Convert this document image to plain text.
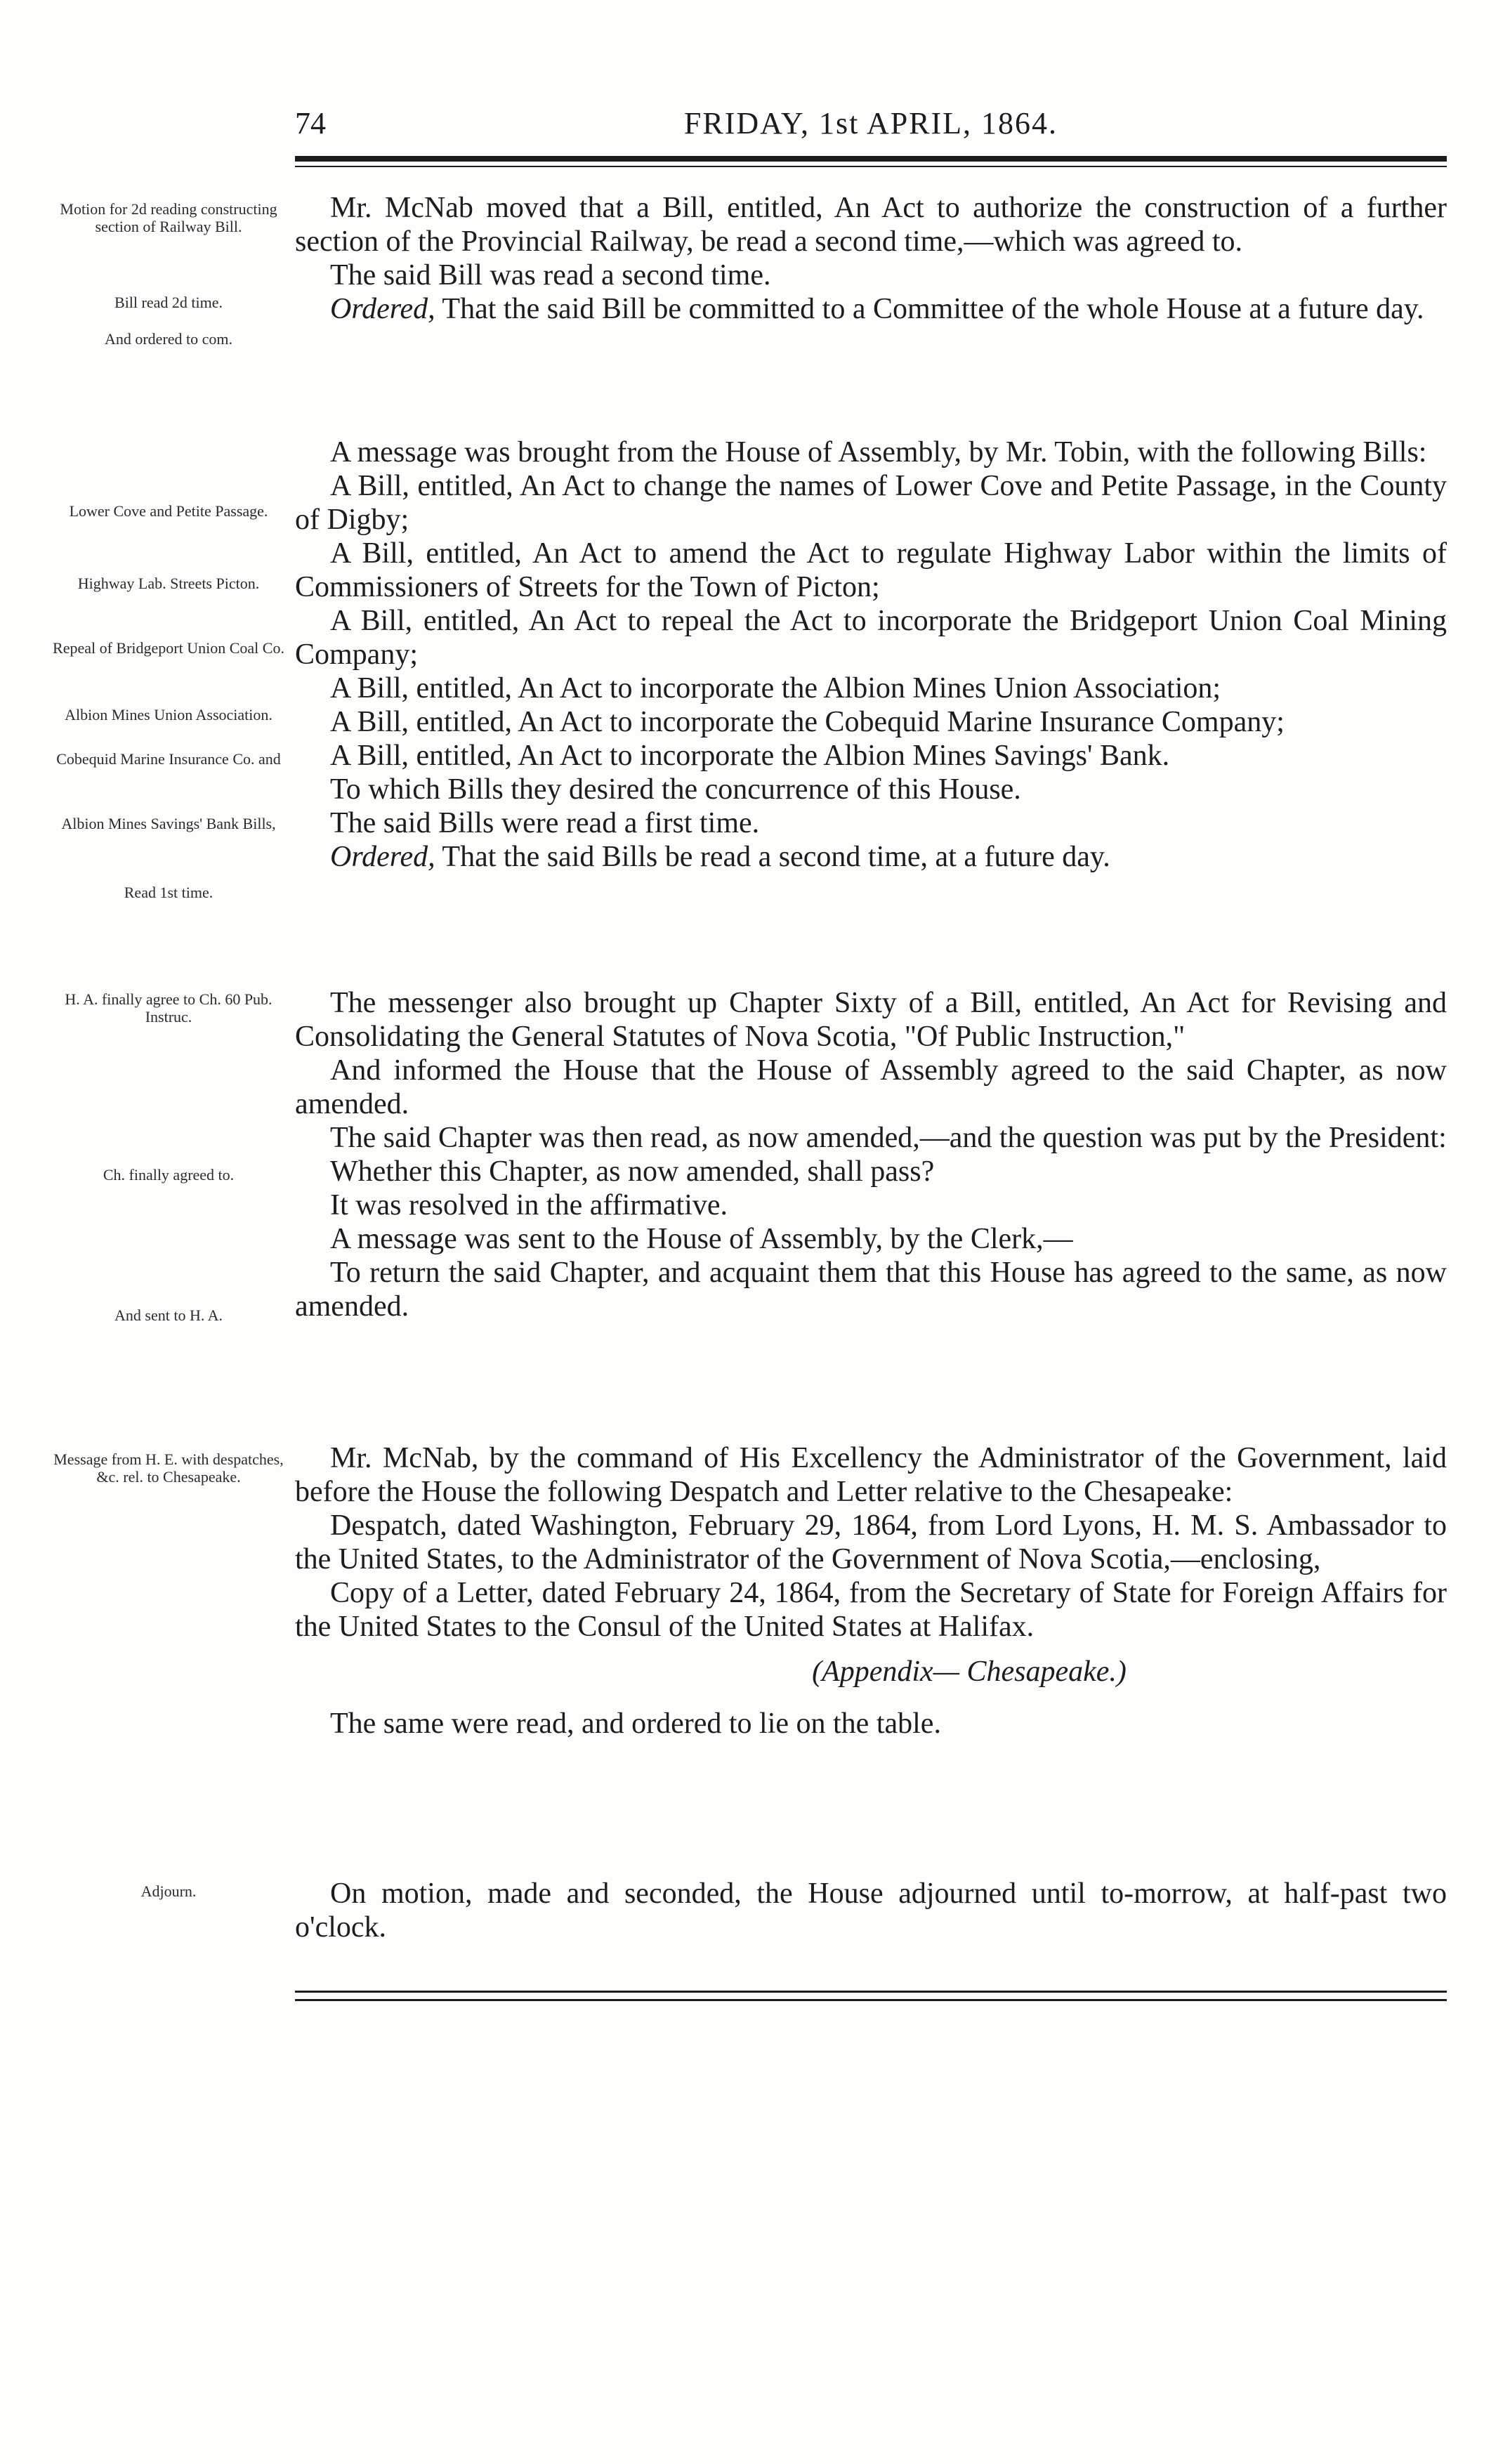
74	FRIDAY, 1st APRIL, 1864.
Motion for 2d reading constructing section of Railway Bill.
Bill read 2d time.
And ordered to com.
Lower Cove and Petite Passage.
Highway Lab. Streets Picton.
Repeal of Bridgeport Union Coal Co.
Albion Mines Union Association.
Cobequid Marine Insurance Co. and
Albion Mines Savings' Bank Bills,
Read 1st time.
H. A. finally agree to Ch. 60 Pub. Instruc.
Ch. finally agreed to.
And sent to H. A.
Message from H. E. with despatches, &c. rel. to Chesapeake.
Adjourn.

Mr. McNab moved that a Bill, entitled, An Act to authorize the construction of a further section of the Provincial Railway, be read a second time,—which was agreed to.

The said Bill was read a second time.

Ordered, That the said Bill be committed to a Committee of the whole House at a future day.

A message was brought from the House of Assembly, by Mr. Tobin, with the following Bills:

A Bill, entitled, An Act to change the names of Lower Cove and Petite Passage, in the County of Digby;

A Bill, entitled, An Act to amend the Act to regulate Highway Labor within the limits of Commissioners of Streets for the Town of Picton;

A Bill, entitled, An Act to repeal the Act to incorporate the Bridgeport Union Coal Mining Company;

A Bill, entitled, An Act to incorporate the Albion Mines Union Association;

A Bill, entitled, An Act to incorporate the Cobequid Marine Insurance Company;

A Bill, entitled, An Act to incorporate the Albion Mines Savings' Bank.

To which Bills they desired the concurrence of this House.

The said Bills were read a first time.

Ordered, That the said Bills be read a second time, at a future day.

The messenger also brought up Chapter Sixty of a Bill, entitled, An Act for Revising and Consolidating the General Statutes of Nova Scotia, "Of Public Instruction,"

And informed the House that the House of Assembly agreed to the said Chapter, as now amended.

The said Chapter was then read, as now amended,—and the question was put by the President:

Whether this Chapter, as now amended, shall pass?

It was resolved in the affirmative.

A message was sent to the House of Assembly, by the Clerk,—

To return the said Chapter, and acquaint them that this House has agreed to the same, as now amended.

Mr. McNab, by the command of His Excellency the Administrator of the Government, laid before the House the following Despatch and Letter relative to the Chesapeake:

Despatch, dated Washington, February 29, 1864, from Lord Lyons, H. M. S. Ambassador to the United States, to the Administrator of the Government of Nova Scotia,—enclosing,

Copy of a Letter, dated February 24, 1864, from the Secretary of State for Foreign Affairs for the United States to the Consul of the United States at Halifax.

(Appendix— Chesapeake.)

The same were read, and ordered to lie on the table.

On motion, made and seconded, the House adjourned until to-morrow, at half-past two o'clock.
